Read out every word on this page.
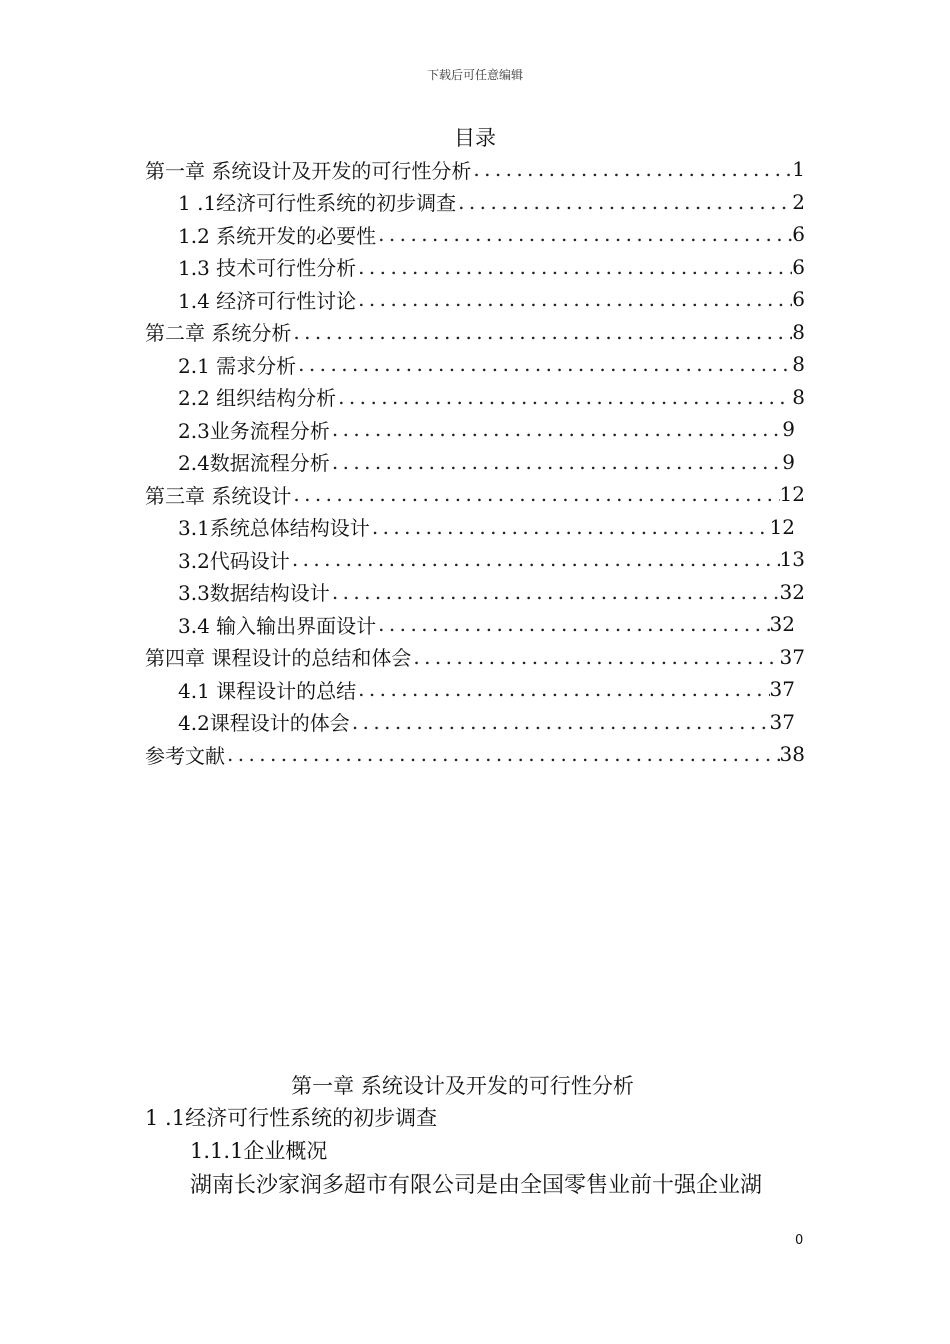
下载后可任意编辑
目录
第一章 系统设计及开发的可行性分析 .....	1
1 .1经济可行性系统的初步调查 .....	2
1.2 系统开发的必要性 .....	6
1.3 技术可行性分析 .....	6
1.4 经济可行性讨论 .....	6
第二章 系统分析 .....	8
2.1 需求分析 .....	8
2.2 组织结构分析 .....	8
2.3业务流程分析 .....	9
2.4数据流程分析 .....	9
第三章 系统设计 .....	12
3.1系统总体结构设计 .....	12
3.2代码设计 .....	13
3.3数据结构设计 .....	32
3.4 输入输出界面设计 .....	32
第四章 课程设计的总结和体会 .....	37
4.1 课程设计的总结 .....	37
4.2课程设计的体会 .....	37
参考文献 .....	38
第一章 系统设计及开发的可行性分析
1 .1经济可行性系统的初步调查
1.1.1企业概况
湖南长沙家润多超市有限公司是由全国零售业前十强企业湖
0
